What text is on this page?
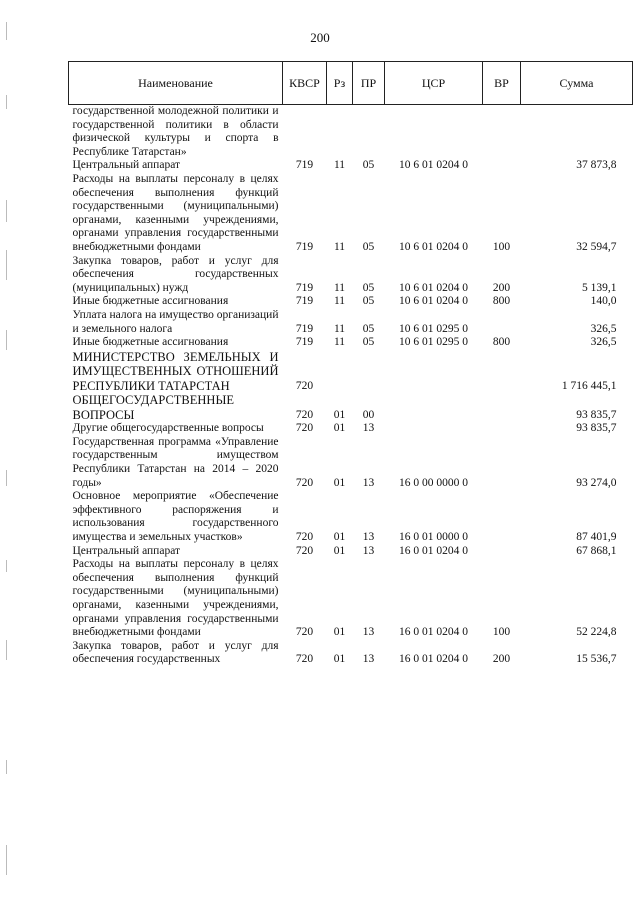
200
Наименование	КВСР	Рз	ПР	ЦСР	ВР	Сумма
государственной молодежной политики и государственной политики в области физической культуры и спорта в Республике Татарстан»						
Центральный аппарат	719	11	05	10 6 01 0204 0		37 873,8
Расходы на выплаты персоналу в целях обеспечения выполнения функций государственными (муниципальными) органами, казенными учреждениями, органами управления государственными внебюджетными фондами	719	11	05	10 6 01 0204 0	100	32 594,7
Закупка товаров, работ и услуг для обеспечения государственных (муниципальных) нужд	719	11	05	10 6 01 0204 0	200	5 139,1
Иные бюджетные ассигнования	719	11	05	10 6 01 0204 0	800	140,0
Уплата налога на имущество организаций и земельного налога	719	11	05	10 6 01 0295 0		326,5
Иные бюджетные ассигнования	719	11	05	10 6 01 0295 0	800	326,5
МИНИСТЕРСТВО ЗЕМЕЛЬНЫХ И ИМУЩЕСТВЕННЫХ ОТНОШЕНИЙ РЕСПУБЛИКИ ТАТАРСТАН	720					1 716 445,1
ОБЩЕГОСУДАРСТВЕННЫЕ ВОПРОСЫ	720	01	00			93 835,7
Другие общегосударственные вопросы	720	01	13			93 835,7
Государственная программа «Управление государственным имуществом Республики Татарстан на 2014 – 2020 годы»	720	01	13	16 0 00 0000 0		93 274,0
Основное мероприятие «Обеспечение эффективного распоряжения и использования государственного имущества и земельных участков»	720	01	13	16 0 01 0000 0		87 401,9
Центральный аппарат	720	01	13	16 0 01 0204 0		67 868,1
Расходы на выплаты персоналу в целях обеспечения выполнения функций государственными (муниципальными) органами, казенными учреждениями, органами управления государственными внебюджетными фондами	720	01	13	16 0 01 0204 0	100	52 224,8
Закупка товаров, работ и услуг для обеспечения государственных	720	01	13	16 0 01 0204 0	200	15 536,7
